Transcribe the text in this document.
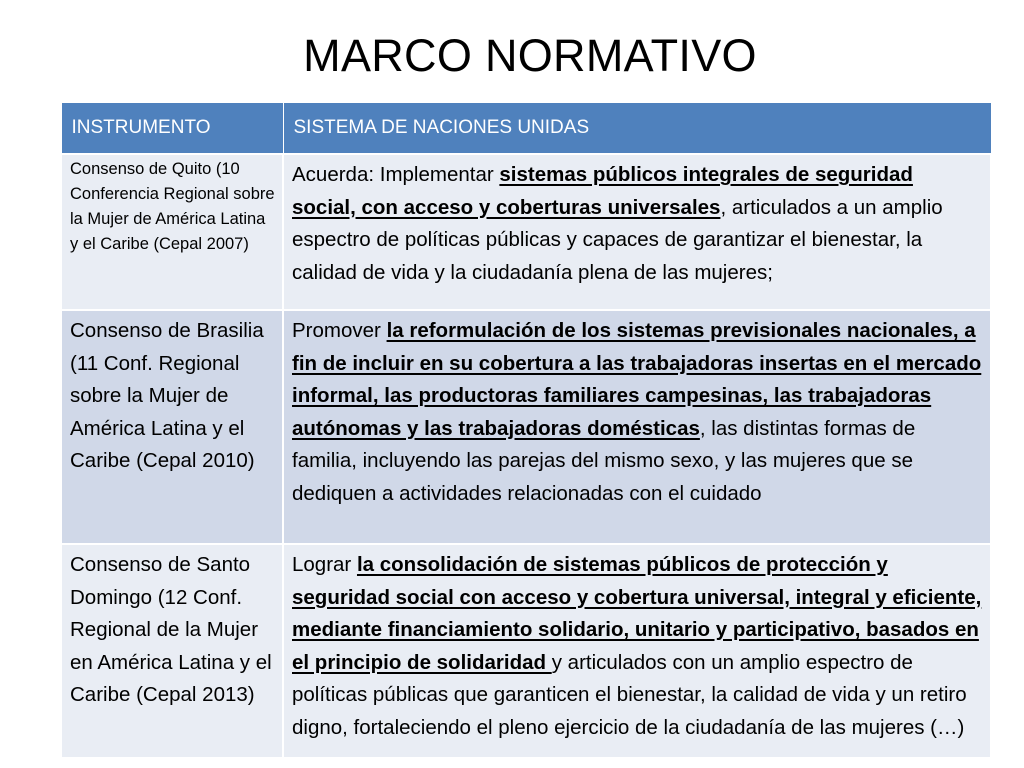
MARCO NORMATIVO
INSTRUMENTO	SISTEMA DE NACIONES UNIDAS
Consenso de Quito (10 Conferencia Regional sobre la Mujer de América Latina y el Caribe (Cepal 2007)	Acuerda: Implementar sistemas públicos integrales de seguridad social, con acceso y coberturas universales, articulados a un amplio espectro de políticas públicas y capaces de garantizar el bienestar, la calidad de vida y la ciudadanía plena de las mujeres;
Consenso de Brasilia (11 Conf. Regional sobre la Mujer de América Latina y el Caribe (Cepal 2010)	Promover la reformulación de los sistemas previsionales nacionales, a fin de incluir en su cobertura a las trabajadoras insertas en el mercado informal, las productoras familiares campesinas, las trabajadoras autónomas y las trabajadoras domésticas, las distintas formas de familia, incluyendo las parejas del mismo sexo, y las mujeres que se dediquen a actividades relacionadas con el cuidado
Consenso de Santo Domingo (12 Conf. Regional de la Mujer en América Latina y el Caribe (Cepal 2013)	Lograr la consolidación de sistemas públicos de protección y seguridad social con acceso y cobertura universal, integral y eficiente, mediante financiamiento solidario, unitario y participativo, basados en el principio de solidaridad y articulados con un amplio espectro de políticas públicas que garanticen el bienestar, la calidad de vida y un retiro digno, fortaleciendo el pleno ejercicio de la ciudadanía de las mujeres (…)
